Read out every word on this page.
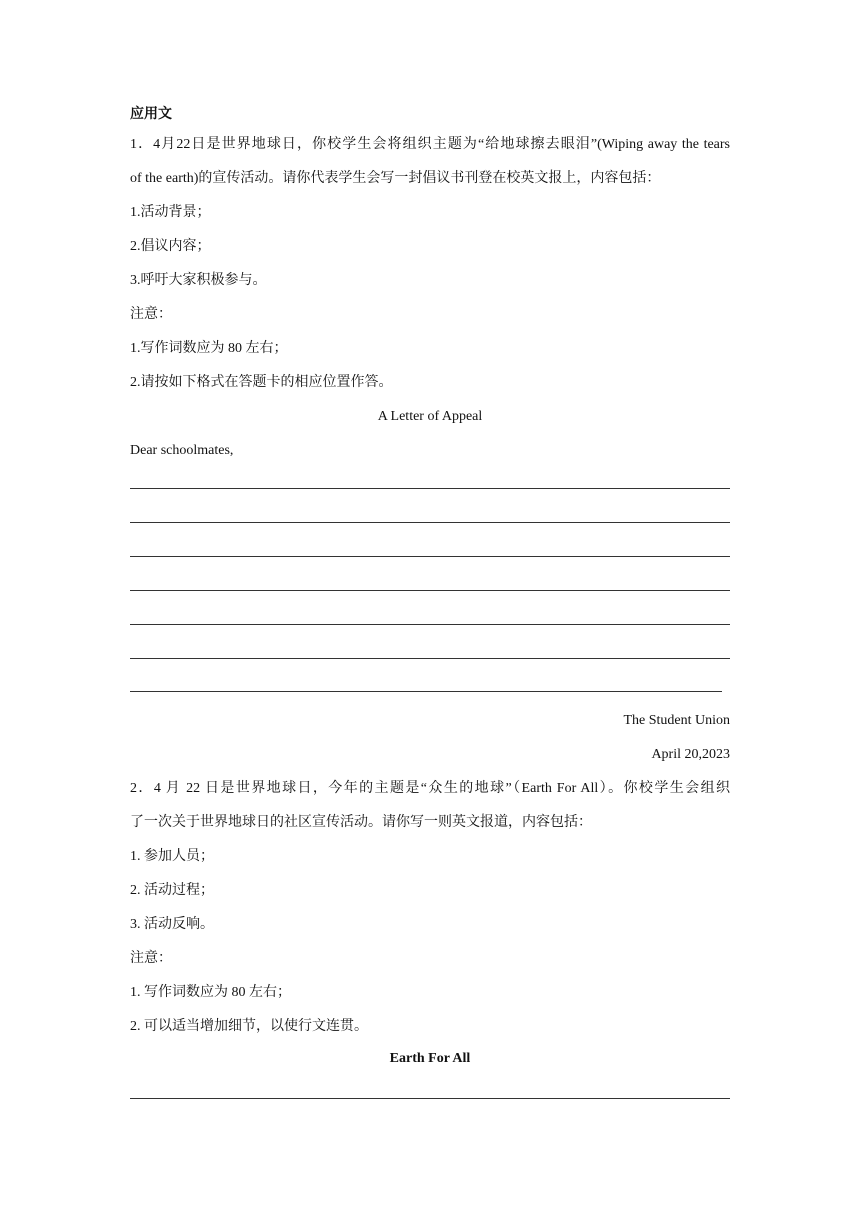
应用文
1．4月22日是世界地球日，你校学生会将组织主题为“给地球擦去眼泪”(Wiping away the tears
of the earth)的宣传活动。请你代表学生会写一封倡议书刊登在校英文报上，内容包括：
1.活动背景；
2.倡议内容；
3.呼吁大家积极参与。
注意：
1.写作词数应为 80 左右；
2.请按如下格式在答题卡的相应位置作答。
A Letter of Appeal
Dear schoolmates,
The Student Union
April 20,2023
2．4 月 22 日是世界地球日，今年的主题是“众生的地球”（Earth For All）。你校学生会组织
了一次关于世界地球日的社区宣传活动。请你写一则英文报道，内容包括：
1. 参加人员；
2. 活动过程；
3. 活动反响。
注意：
1. 写作词数应为 80 左右；
2. 可以适当增加细节，以使行文连贯。
Earth For All
